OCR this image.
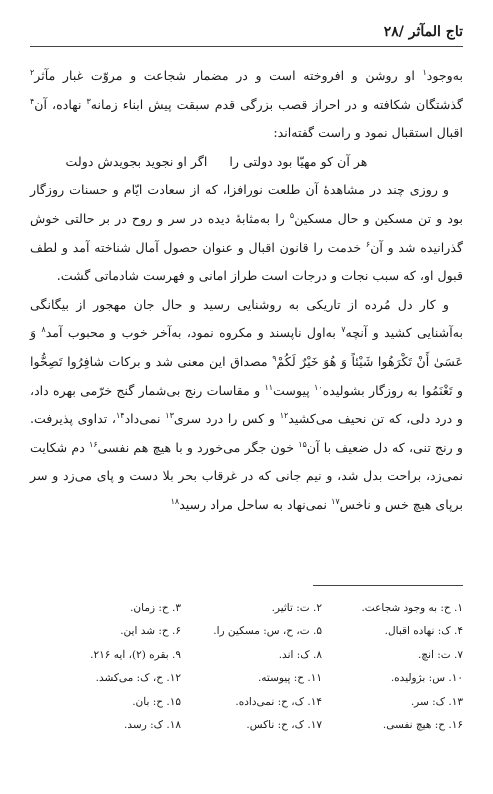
تاج المآثر /۲۸

به‌وجود$^۱$ او روشن و افروخته است و در مضمار شجاعت و مروّت غبار مآثر$^۲$ گذشتگان شکافته و در احراز قصب بزرگی قدم سبقت پیش ابناء زمانه$^۳$ نهاده، آن$^۴$ اقبال استقبال نمود و راست گفته‌اند:

هر آن کو مهیّا بود دولتی را
اگر او نجوید بجویدش دولت

و روزی چند در مشاهدهٔ آن طلعت نورافزا، که از سعادت ایّام و حسنات روزگار بود و تن مسکین و حال مسکین$^۵$ را به‌مثابهٔ دیده در سر و روح در بر حالتی خوش گذرانیده شد و آن$^۶$ خدمت را قانون اقبال و عنوان حصول آمال شناخته آمد و لطف قبول او، که سبب نجات و درجات است طراز امانی و فهرست شادماتی گشت.

و کار دل مُرده از تاریکی به روشنایی رسید و حال جان مهجور از بیگانگی به‌آشنایی کشید و آنچه$^۷$ به‌اول ناپسند و مکروه نمود، به‌آخر خوب و محبوب آمد$^۸$ وَ عَسَیٰ أَنْ تَكْرَهُوا شَیْئاً وَ هُوَ خَیْرٌ لَكُمْ$^۹$ مصداق این معنی شد و برکات شافِرُوا تَصِحُّوا و تَغْنَمُوا به روزگار بشولیده$^{۱۰}$ پیوست$^{۱۱}$ و مقاسات رنج بی‌شمار گنج خرّمی بهره داد، و درد دلی، که تن نحیف می‌کشید$^{۱۲}$ و کس را درد سری$^{۱۳}$ نمی‌داد$^{۱۴}$، تداوی پذیرفت. و رنج تنی، که دل ضعیف با آن$^{۱۵}$ خون جگر می‌خورد و با هیچ هم نفسی$^{۱۶}$ دم شکایت نمی‌زد، براحت بدل شد، و نیم جانی که در غرقاب بحر بلا دست و پای می‌زد و سر برپای هیچ خس و ناخس$^{۱۷}$ نمی‌نهاد به ساحل مراد رسید$^{۱۸}$

۱. ح: به وجود شجاعت.
۲. ت: تأثیر.
۳. ح: زمان.
۴. ک: نهاده اقبال.
۵. ت، ح، س: مسکین را.
۶. ح: شد این.
۷. ت: آنچ.
۸. ک: اند.
۹. بقره (۲)، آیه ۲۱۶.
۱۰. س: بژولیده.
۱۱. ح: پیوسته.
۱۲. ح، ک: می‌کشد.
۱۳. ک: سر.
۱۴. ک، ح: نمی‌داده.
۱۵. ح: بآن.
۱۶. ح: هیچ نفسی.
۱۷. ک، ح: ناکس.
۱۸. ک: رسد.
